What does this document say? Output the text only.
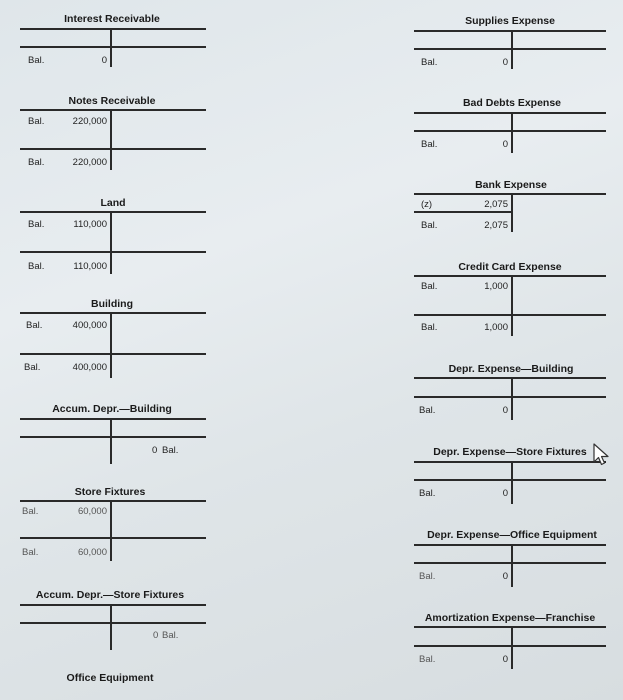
Interest Receivable
Bal.	0
Notes Receivable
Bal.	220,000
Bal.	220,000
Land
Bal.	110,000
Bal.	110,000
Building
Bal.	400,000
Bal.	400,000
Accum. Depr.—Building
0 Bal.
Store Fixtures
Bal.	60,000
Bal.	60,000
Accum. Depr.—Store Fixtures
0 Bal.
Office Equipment
Supplies Expense
Bal.	0
Bad Debts Expense
Bal.	0
Bank Expense
(z)	2,075
Bal.	2,075
Credit Card Expense
Bal.	1,000
Bal.	1,000
Depr. Expense—Building
Bal.	0
Depr. Expense—Store Fixtures
Bal.	0
Depr. Expense—Office Equipment
Bal.	0
Amortization Expense—Franchise
Bal.	0
